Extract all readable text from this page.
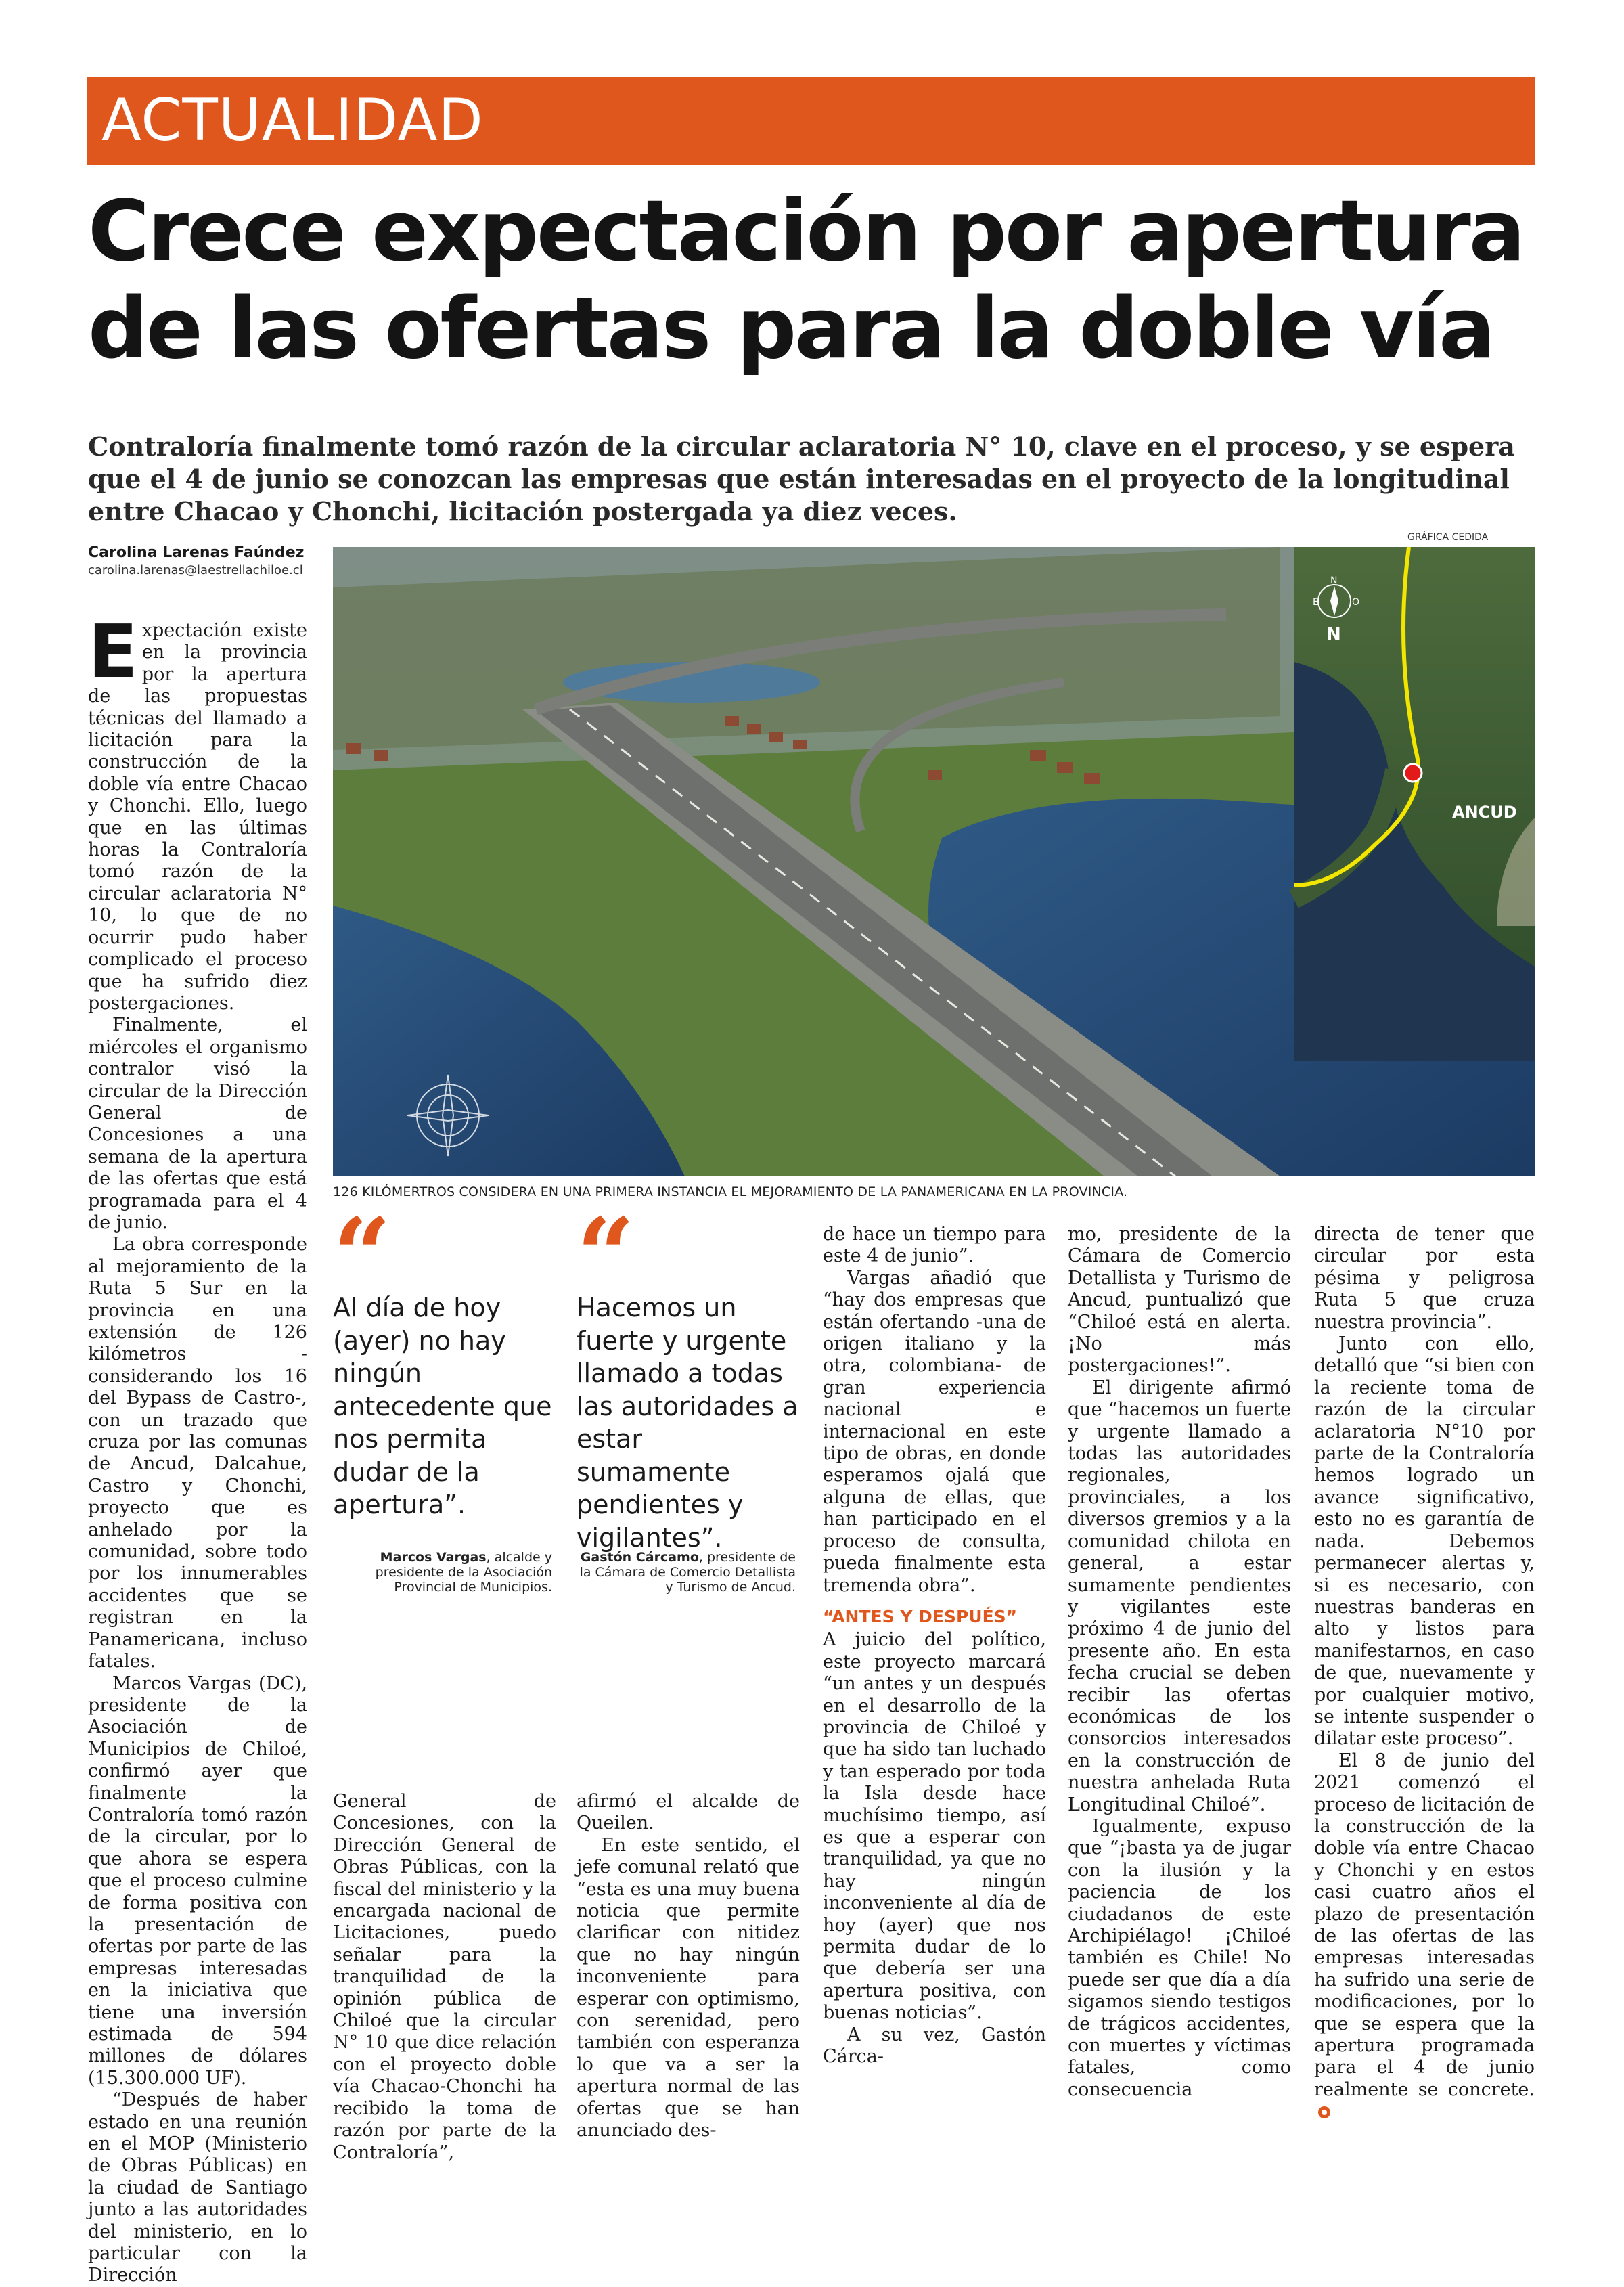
ACTUALIDAD
Crece expectación por apertura de las ofertas para la doble vía

Contraloría finalmente tomó razón de la circular aclaratoria N° 10, clave en el proceso, y se espera que el 4 de junio se conozcan las empresas que están interesadas en el proyecto de la longitudinal entre Chacao y Chonchi, licitación postergada ya diez veces.

Carolina Larenas Faúndez
carolina.larenas@laestrellachiloe.cl
GRÁFICA CEDIDA
E	O
N
N
ANCUD
126 KILÓMERTROS CONSIDERA EN UNA PRIMERA INSTANCIA EL MEJORAMIENTO DE LA PANAMERICANA EN LA PROVINCIA.

Expectación existe en la provincia por la apertura de las propuestas técnicas del llamado a licitación para la construcción de la doble vía entre Chacao y Chonchi. Ello, luego que en las últimas horas la Contraloría tomó razón de la circular aclaratoria N° 10, lo que de no ocurrir pudo haber complicado el proceso que ha sufrido diez postergaciones.

Finalmente, el miércoles el organismo contralor visó la circular de la Dirección General de Concesiones a una semana de la apertura de las ofertas que está programada para el 4 de junio.

La obra corresponde al mejoramiento de la Ruta 5 Sur en la provincia en una extensión de 126 kilómetros -considerando los 16 del Bypass de Castro-, con un trazado que cruza por las comunas de Ancud, Dalcahue, Castro y Chonchi, proyecto que es anhelado por la comunidad, sobre todo por los innumerables accidentes que se registran en la Panamericana, incluso fatales.

Marcos Vargas (DC), presidente de la Asociación de Municipios de Chiloé, confirmó ayer que finalmente la Contraloría tomó razón de la circular, por lo que ahora se espera que el proceso culmine de forma positiva con la presentación de ofertas por parte de las empresas interesadas en la iniciativa que tiene una inversión estimada de 594 millones de dólares (15.300.000 UF).

“Después de haber estado en una reunión en el MOP (Ministerio de Obras Públicas) en la ciudad de Santiago junto a las autoridades del ministerio, en lo particular con la Dirección

“
Al día de hoy (ayer) no hay ningún antecedente que nos permita dudar de la apertura”.
Marcos Vargas, alcalde y presidente de la Asociación Provincial de Municipios.
“
Hacemos un fuerte y urgente llamado a todas las autoridades a estar sumamente pendientes y vigilantes”.
Gastón Cárcamo, presidente de la Cámara de Comercio Detallista y Turismo de Ancud.

General de Concesiones, con la Dirección General de Obras Públicas, con la fiscal del ministerio y la encargada nacional de Licitaciones, puedo señalar para la tranquilidad de la opinión pública de Chiloé que la circular N° 10 que dice relación con el proyecto doble vía Chacao-Chonchi ha recibido la toma de razón por parte de la Contraloría”,

afirmó el alcalde de Queilen.

En este sentido, el jefe comunal relató que “esta es una muy buena noticia que permite clarificar con nitidez que no hay ningún inconveniente para esperar con optimismo, con serenidad, pero también con esperanza lo que va a ser la apertura normal de las ofertas que se han anunciado des-

de hace un tiempo para este 4 de junio”.

Vargas añadió que “hay dos empresas que están ofertando -una de origen italiano y la otra, colombiana- de gran experiencia nacional e internacional en este tipo de obras, en donde esperamos ojalá que alguna de ellas, que han participado en el proceso de consulta, pueda finalmente esta tremenda obra”.

“ANTES Y DESPUÉS”

A juicio del político, este proyecto marcará “un antes y un después en el desarrollo de la provincia de Chiloé y que ha sido tan luchado y tan esperado por toda la Isla desde hace muchísimo tiempo, así es que a esperar con tranquilidad, ya que no hay ningún inconveniente al día de hoy (ayer) que nos permita dudar de lo que debería ser una apertura positiva, con buenas noticias”.

A su vez, Gastón Cárca-

mo, presidente de la Cámara de Comercio Detallista y Turismo de Ancud, puntualizó que “Chiloé está en alerta. ¡No más postergaciones!”.

El dirigente afirmó que “hacemos un fuerte y urgente llamado a todas las autoridades regionales, provinciales, a los diversos gremios y a la comunidad chilota en general, a estar sumamente pendientes y vigilantes este próximo 4 de junio del presente año. En esta fecha crucial se deben recibir las ofertas económicas de los consorcios interesados en la construcción de nuestra anhelada Ruta Longitudinal Chiloé”.

Igualmente, expuso que “¡basta ya de jugar con la ilusión y la paciencia de los ciudadanos de este Archipiélago! ¡Chiloé también es Chile! No puede ser que día a día sigamos siendo testigos de trágicos accidentes, con muertes y víctimas fatales, como consecuencia

directa de tener que circular por esta pésima y peligrosa Ruta 5 que cruza nuestra provincia”.

Junto con ello, detalló que “si bien con la reciente toma de razón de la circular aclaratoria N°10 por parte de la Contraloría hemos logrado un avance significativo, esto no es garantía de nada. Debemos permanecer alertas y, si es necesario, con nuestras banderas en alto y listos para manifestarnos, en caso de que, nuevamente y por cualquier motivo, se intente suspender o dilatar este proceso”.

El 8 de junio del 2021 comenzó el proceso de licitación de la construcción de la doble vía entre Chacao y Chonchi y en estos casi cuatro años el plazo de presentación de las ofertas de las empresas interesadas ha sufrido una serie de modificaciones, por lo que se espera que la apertura programada para el 4 de junio realmente se concrete.
